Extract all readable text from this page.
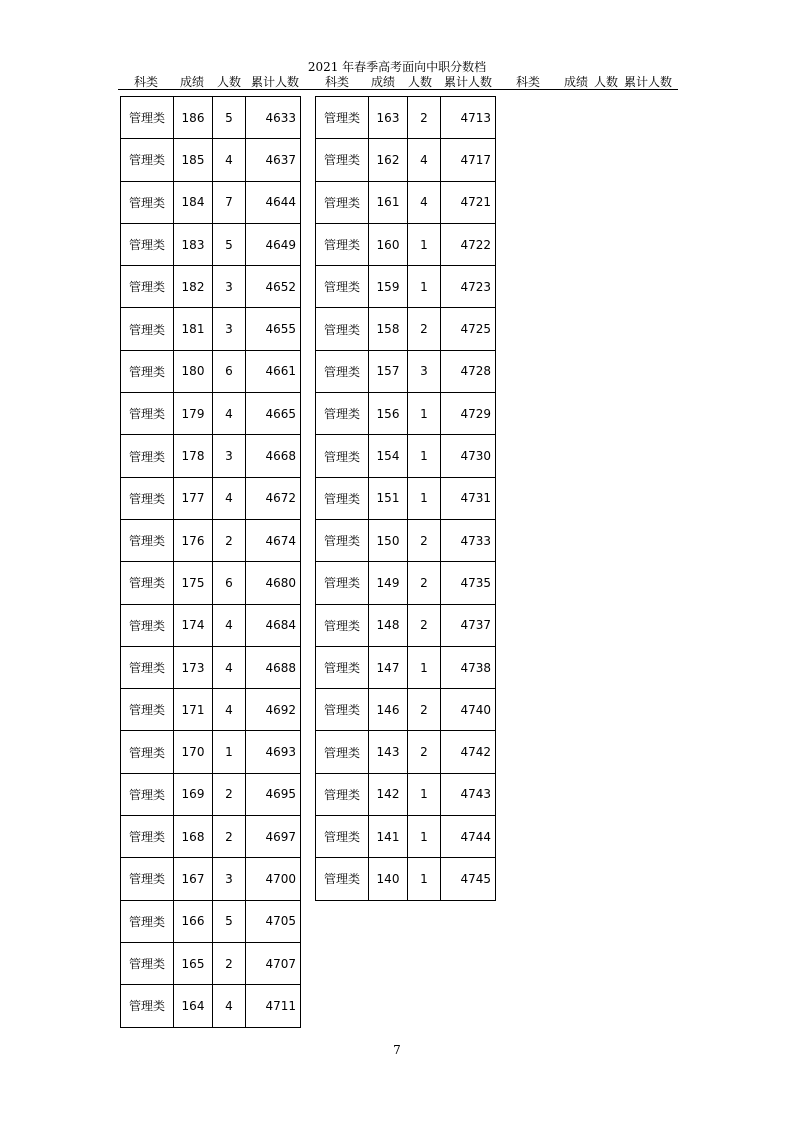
2021 年春季高考面向中职分数档
科类 成绩 人数 累计人数 科类 成绩 人数 累计人数 科类 成绩 人数 累计人数
管理类	186	5	4633
管理类	185	4	4637
管理类	184	7	4644
管理类	183	5	4649
管理类	182	3	4652
管理类	181	3	4655
管理类	180	6	4661
管理类	179	4	4665
管理类	178	3	4668
管理类	177	4	4672
管理类	176	2	4674
管理类	175	6	4680
管理类	174	4	4684
管理类	173	4	4688
管理类	171	4	4692
管理类	170	1	4693
管理类	169	2	4695
管理类	168	2	4697
管理类	167	3	4700
管理类	166	5	4705
管理类	165	2	4707
管理类	164	4	4711
管理类	163	2	4713
管理类	162	4	4717
管理类	161	4	4721
管理类	160	1	4722
管理类	159	1	4723
管理类	158	2	4725
管理类	157	3	4728
管理类	156	1	4729
管理类	154	1	4730
管理类	151	1	4731
管理类	150	2	4733
管理类	149	2	4735
管理类	148	2	4737
管理类	147	1	4738
管理类	146	2	4740
管理类	143	2	4742
管理类	142	1	4743
管理类	141	1	4744
管理类	140	1	4745
7
